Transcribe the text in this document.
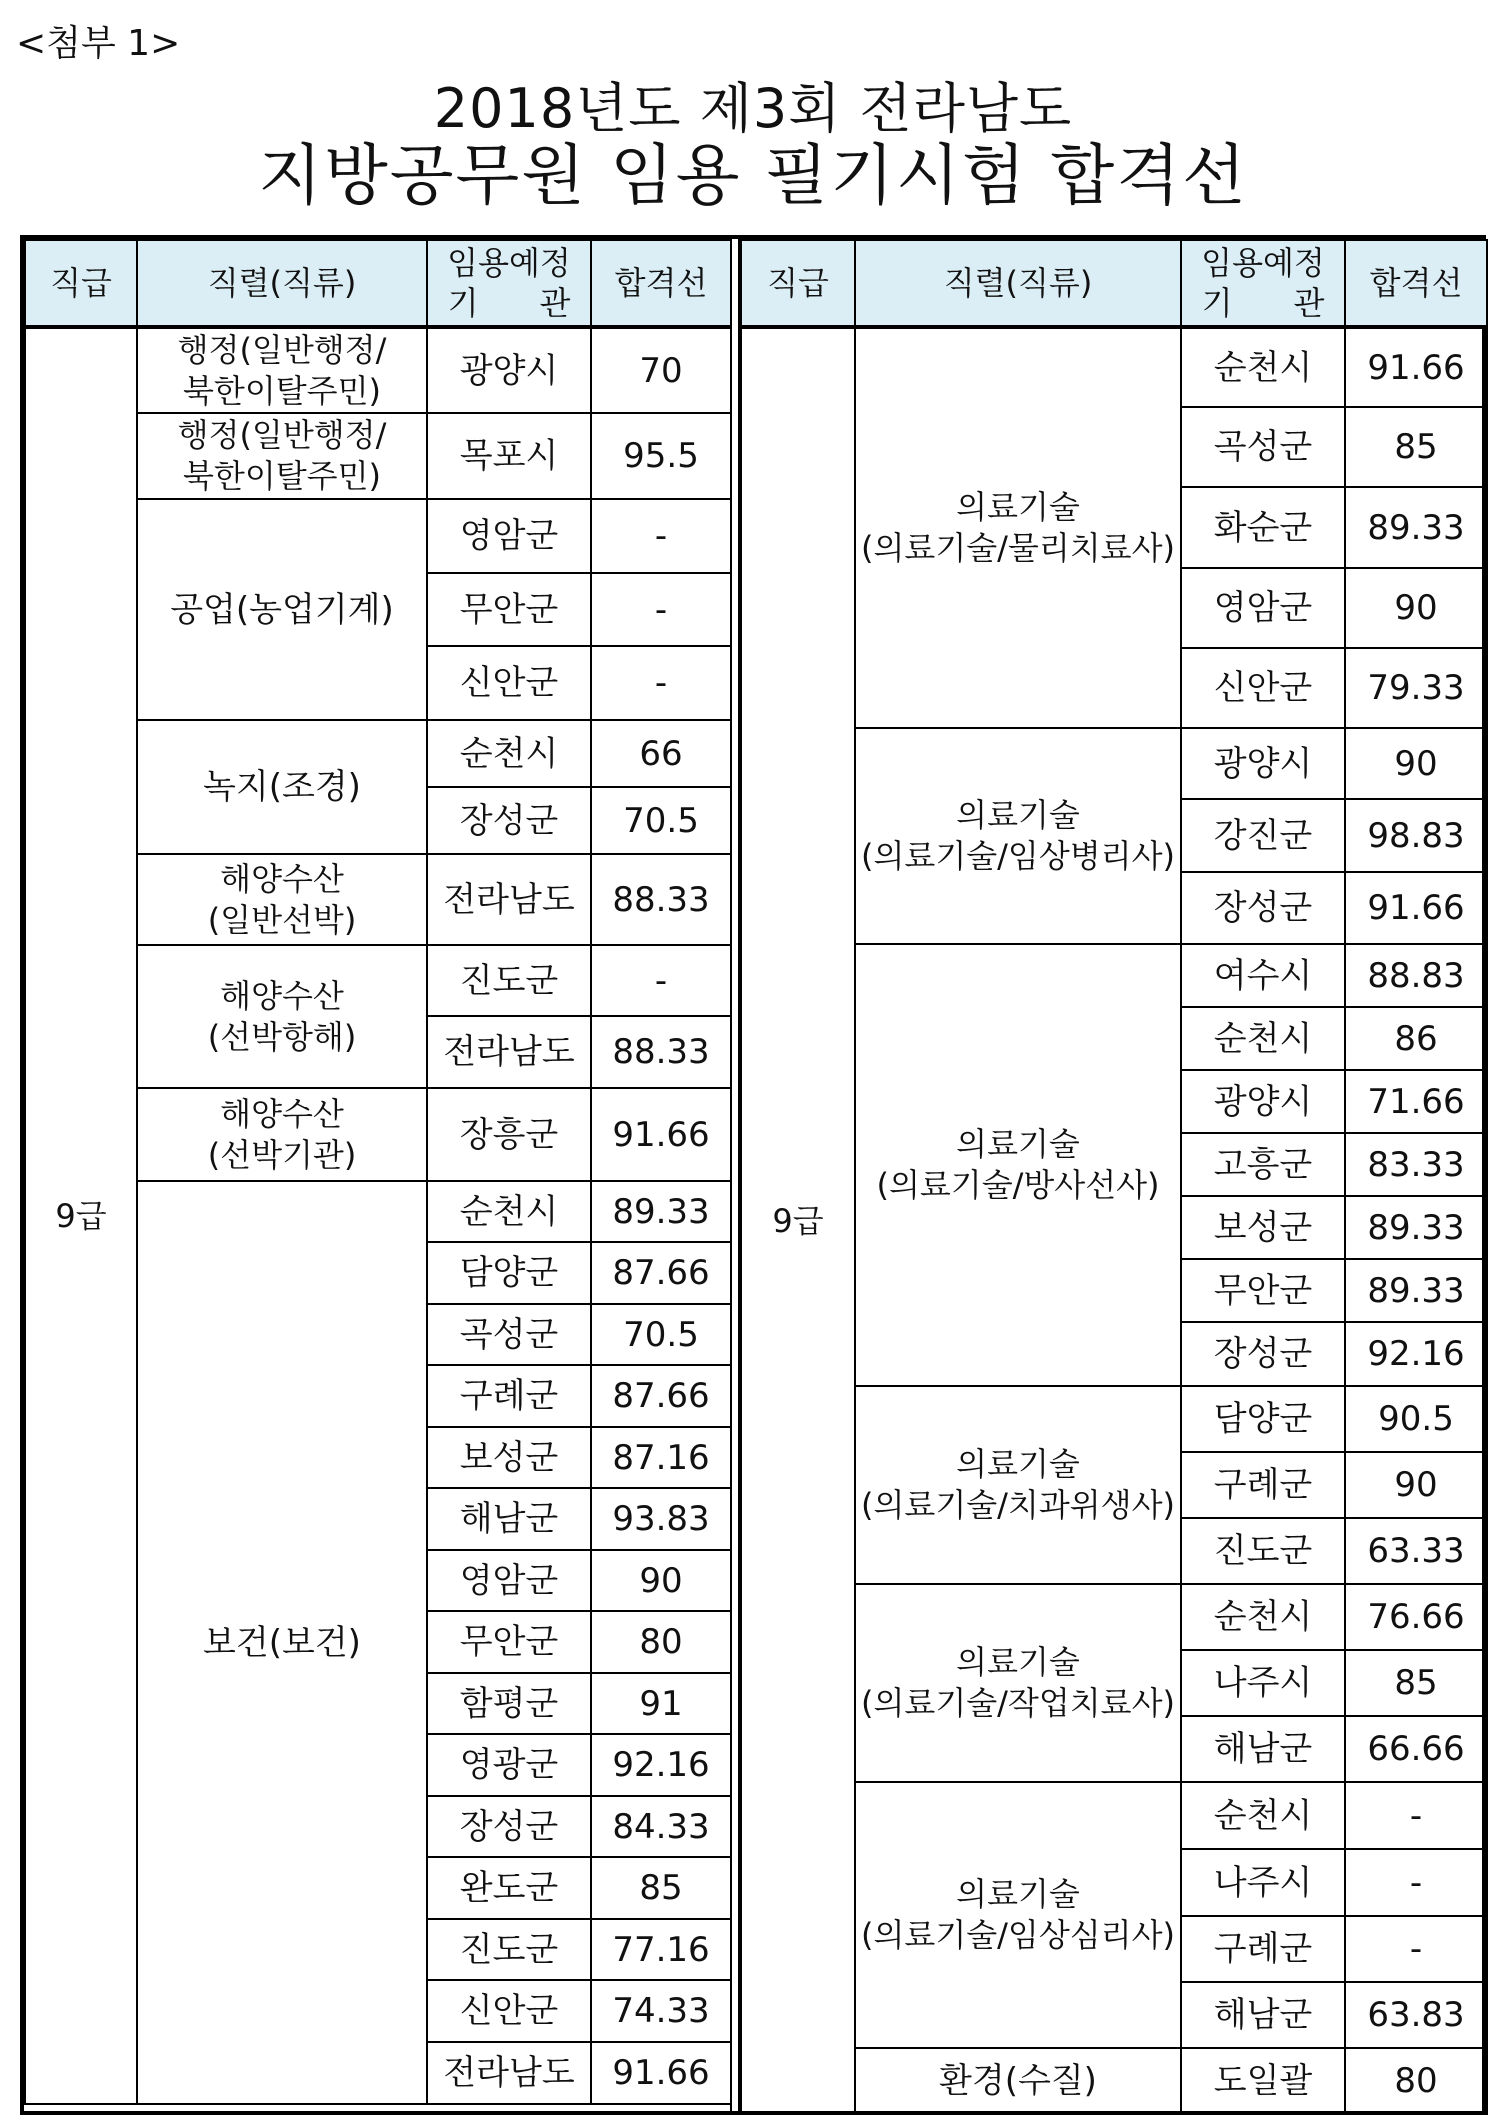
<첨부 1>
2018년도 제3회 전라남도
지방공무원 임용 필기시험 합격선
직급	직렬(직류)	임용예정
기      관	합격선
9급	행정(일반행정/
북한이탈주민)	광양시	70

	행정(일반행정/
북한이탈주민)	목포시	95.5

	공업(농업기계)	영암군	-
		무안군	-
		신안군	-

	녹지(조경)	순천시	66
		장성군	70.5

	해양수산
(일반선박)	전라남도	88.33

	해양수산
(선박항해)	진도군	-
		전라남도	88.33

	해양수산
(선박기관)	장흥군	91.66

	보건(보건)	순천시	89.33
		담양군	87.66
		곡성군	70.5
		구례군	87.66
		보성군	87.16
		해남군	93.83
		영암군	90
		무안군	80
		함평군	91
		영광군	92.16
		장성군	84.33
		완도군	85
		진도군	77.16
		신안군	74.33
		전라남도	91.66
직급	직렬(직류)	임용예정
기      관	합격선
9급	의료기술
(의료기술/물리치료사)	순천시	91.66
		곡성군	85
		화순군	89.33
		영암군	90
		신안군	79.33

	의료기술
(의료기술/임상병리사)	광양시	90
		강진군	98.83
		장성군	91.66

	의료기술
(의료기술/방사선사)	여수시	88.83
		순천시	86
		광양시	71.66
		고흥군	83.33
		보성군	89.33
		무안군	89.33
		장성군	92.16

	의료기술
(의료기술/치과위생사)	담양군	90.5
		구례군	90
		진도군	63.33

	의료기술
(의료기술/작업치료사)	순천시	76.66
		나주시	85
		해남군	66.66

	의료기술
(의료기술/임상심리사)	순천시	-
		나주시	-
		구례군	-
		해남군	63.83

	환경(수질)	도일괄	80
